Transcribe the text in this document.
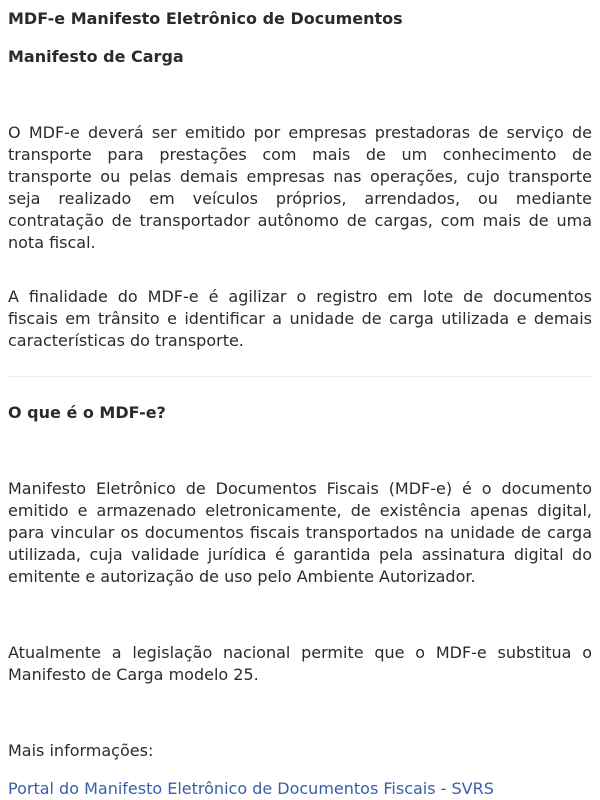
MDF-e Manifesto Eletrônico de Documentos
Manifesto de Carga

O MDF-e deverá ser emitido por empresas prestadoras de serviço de transporte para prestações com mais de um conhecimento de transporte ou pelas demais empresas nas operações, cujo transporte seja realizado em veículos próprios, arrendados, ou mediante contratação de transportador autônomo de cargas, com mais de uma nota fiscal.

A finalidade do MDF-e é agilizar o registro em lote de documentos fiscais em trânsito e identificar a unidade de carga utilizada e demais características do transporte.

O que é o MDF-e?

Manifesto Eletrônico de Documentos Fiscais (MDF-e) é o documento emitido e armazenado eletronicamente, de existência apenas digital, para vincular os documentos fiscais transportados na unidade de carga utilizada, cuja validade jurídica é garantida pela assinatura digital do emitente e autorização de uso pelo Ambiente Autorizador.

Atualmente a legislação nacional permite que o MDF-e substitua o Manifesto de Carga modelo 25.

Mais informações:
Portal do Manifesto Eletrônico de Documentos Fiscais - SVRS
